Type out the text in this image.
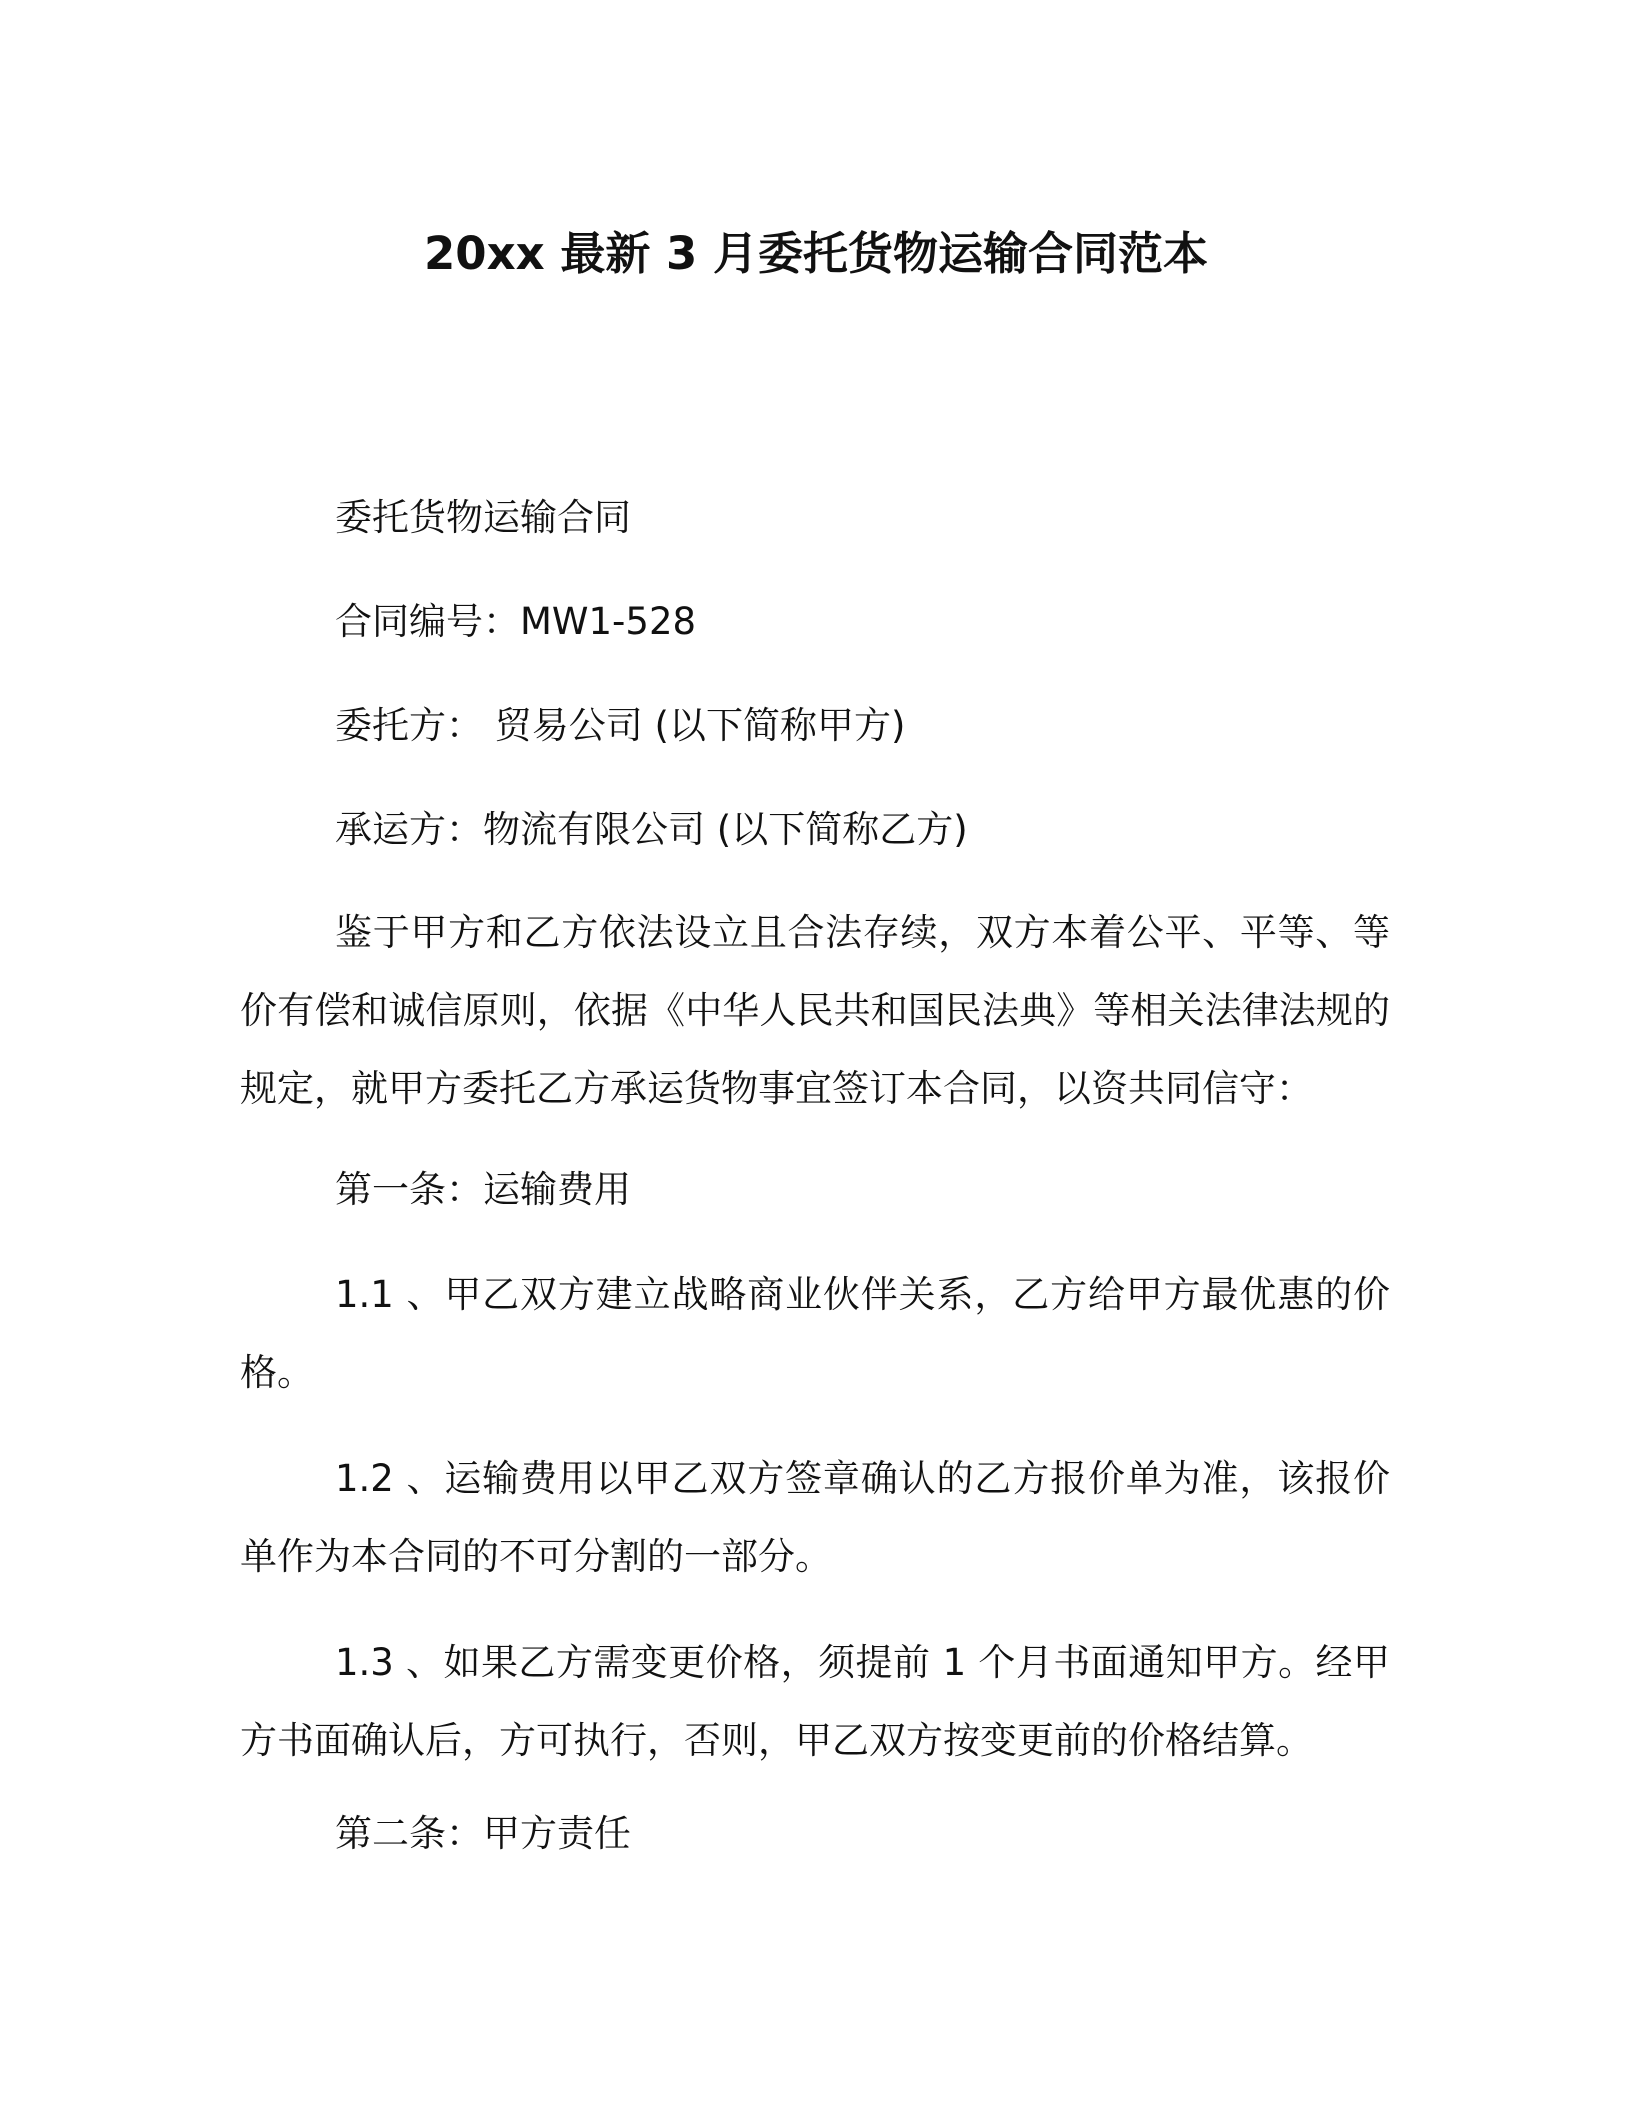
20xx 最新 3 月委托货物运输合同范本
委托货物运输合同
合同编号：MW1-528
委托方： 贸易公司 (以下简称甲方)
承运方：物流有限公司 (以下简称乙方)

鉴于甲方和乙方依法设立且合法存续，双方本着公平、平等、等价有偿和诚信原则，依据《中华人民共和国民法典》等相关法律法规的规定，就甲方委托乙方承运货物事宜签订本合同，以资共同信守：

第一条：运输费用

1.1 、甲乙双方建立战略商业伙伴关系，乙方给甲方最优惠的价格。

1.2 、运输费用以甲乙双方签章确认的乙方报价单为准，该报价单作为本合同的不可分割的一部分。

1.3 、如果乙方需变更价格，须提前 1 个月书面通知甲方。经甲方书面确认后，方可执行，否则，甲乙双方按变更前的价格结算。

第二条：甲方责任
